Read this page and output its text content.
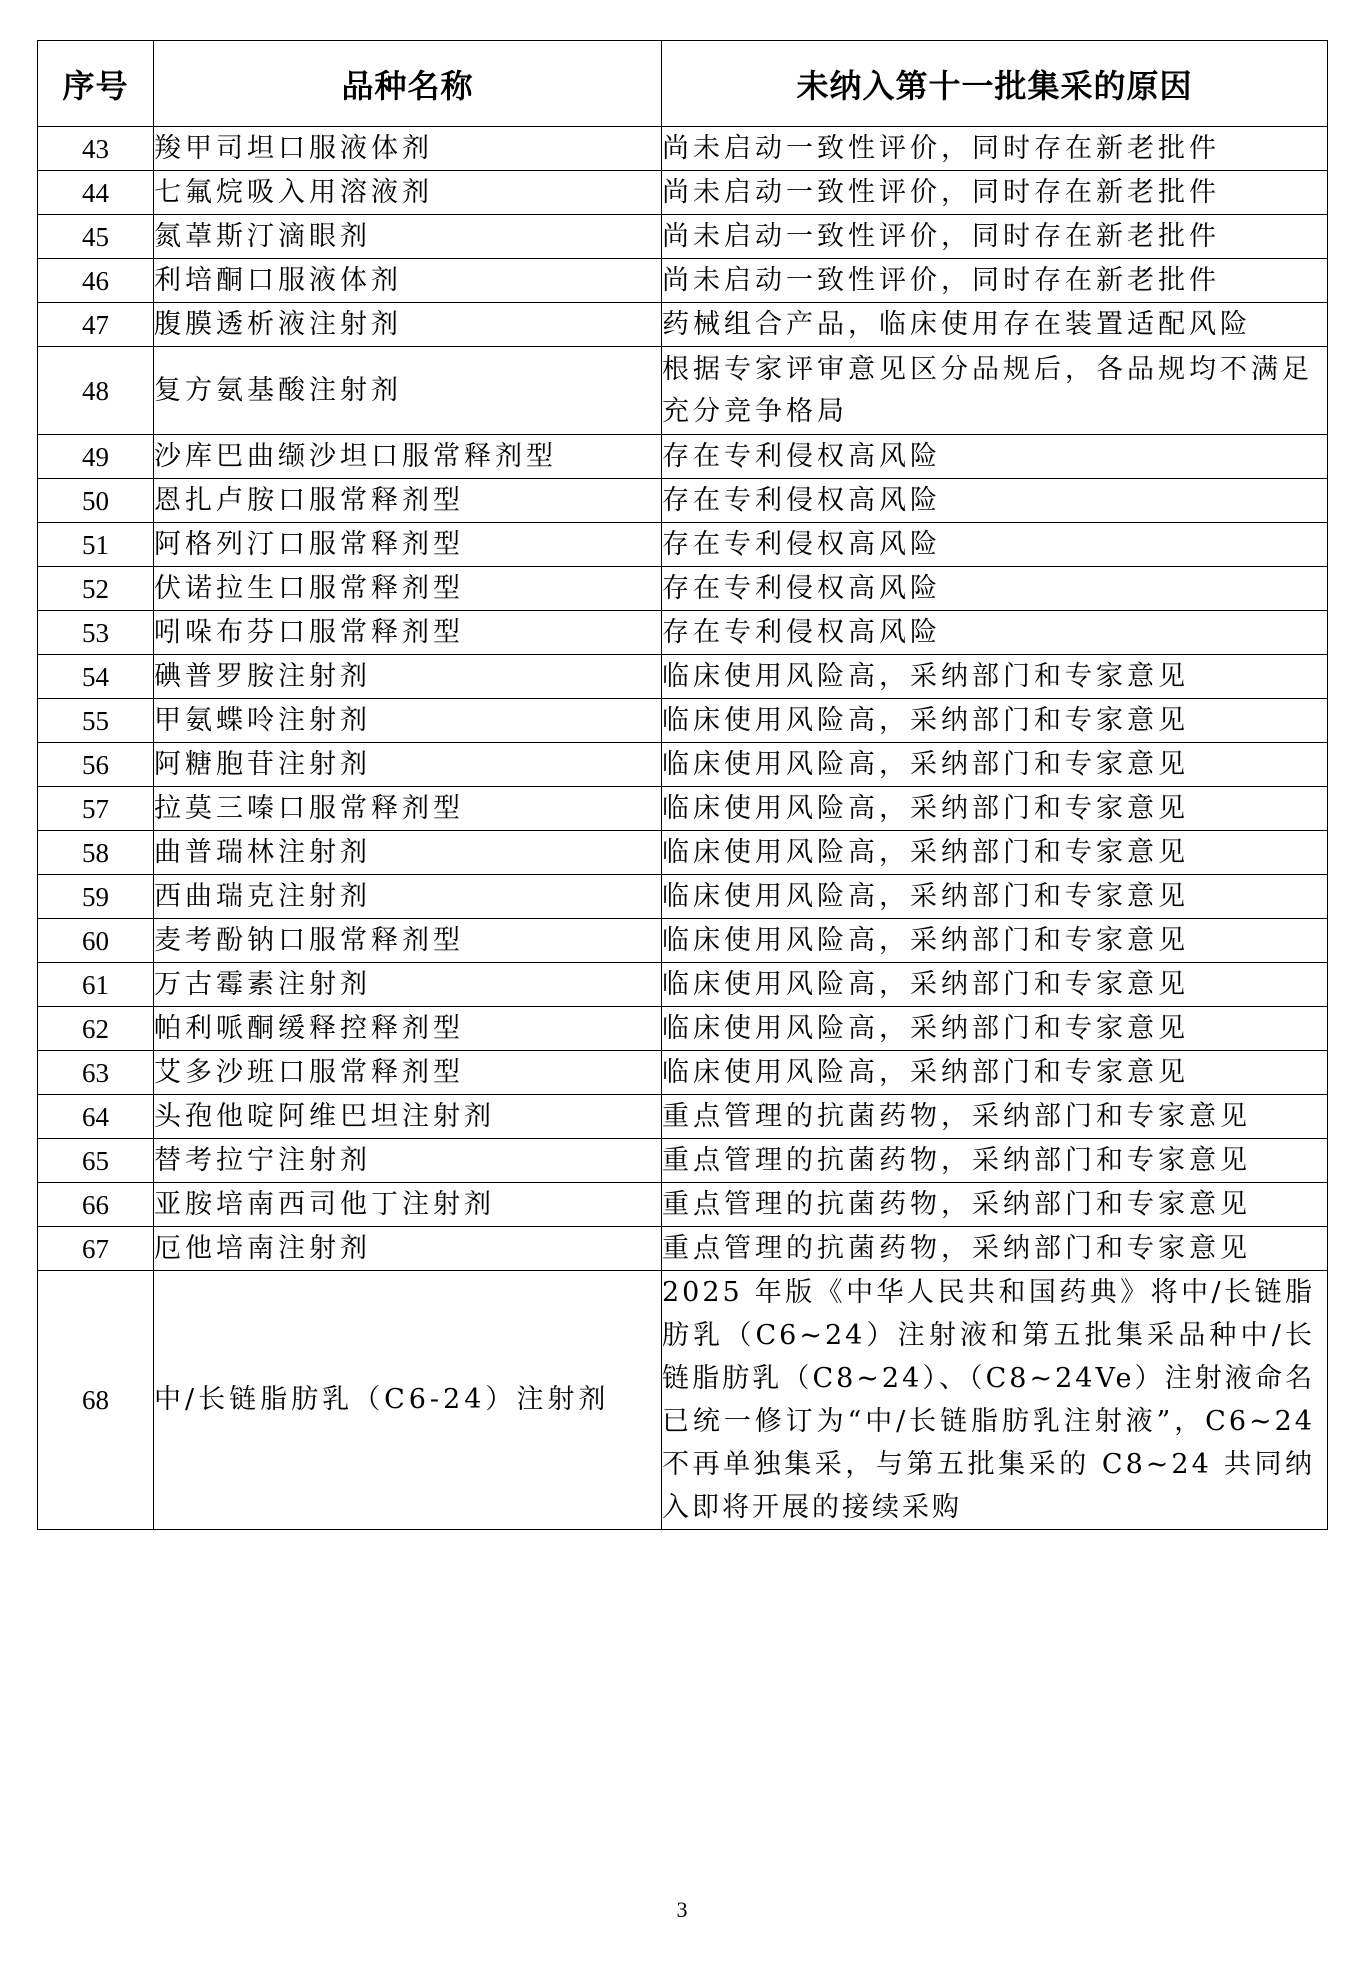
序号	品种名称	未纳入第十一批集采的原因
43	羧甲司坦口服液体剂	尚未启动一致性评价，同时存在新老批件
44	七氟烷吸入用溶液剂	尚未启动一致性评价，同时存在新老批件
45	氮䓬斯汀滴眼剂	尚未启动一致性评价，同时存在新老批件
46	利培酮口服液体剂	尚未启动一致性评价，同时存在新老批件
47	腹膜透析液注射剂	药械组合产品，临床使用存在装置适配风险
48	复方氨基酸注射剂	根据专家评审意见区分品规后，各品规均不满足充分竞争格局
49	沙库巴曲缬沙坦口服常释剂型	存在专利侵权高风险
50	恩扎卢胺口服常释剂型	存在专利侵权高风险
51	阿格列汀口服常释剂型	存在专利侵权高风险
52	伏诺拉生口服常释剂型	存在专利侵权高风险
53	吲哚布芬口服常释剂型	存在专利侵权高风险
54	碘普罗胺注射剂	临床使用风险高，采纳部门和专家意见
55	甲氨蝶呤注射剂	临床使用风险高，采纳部门和专家意见
56	阿糖胞苷注射剂	临床使用风险高，采纳部门和专家意见
57	拉莫三嗪口服常释剂型	临床使用风险高，采纳部门和专家意见
58	曲普瑞林注射剂	临床使用风险高，采纳部门和专家意见
59	西曲瑞克注射剂	临床使用风险高，采纳部门和专家意见
60	麦考酚钠口服常释剂型	临床使用风险高，采纳部门和专家意见
61	万古霉素注射剂	临床使用风险高，采纳部门和专家意见
62	帕利哌酮缓释控释剂型	临床使用风险高，采纳部门和专家意见
63	艾多沙班口服常释剂型	临床使用风险高，采纳部门和专家意见
64	头孢他啶阿维巴坦注射剂	重点管理的抗菌药物，采纳部门和专家意见
65	替考拉宁注射剂	重点管理的抗菌药物，采纳部门和专家意见
66	亚胺培南西司他丁注射剂	重点管理的抗菌药物，采纳部门和专家意见
67	厄他培南注射剂	重点管理的抗菌药物，采纳部门和专家意见
68	中/长链脂肪乳（C6-24）注射剂	2025 年版《中华人民共和国药典》将中/长链脂肪乳（C6~24）注射液和第五批集采品种中/长链脂肪乳（C8~24）、（C8~24Ve）注射液命名已统一修订为“中/长链脂肪乳注射液”，C6~24 不再单独集采，与第五批集采的 C8~24 共同纳入即将开展的接续采购
3
